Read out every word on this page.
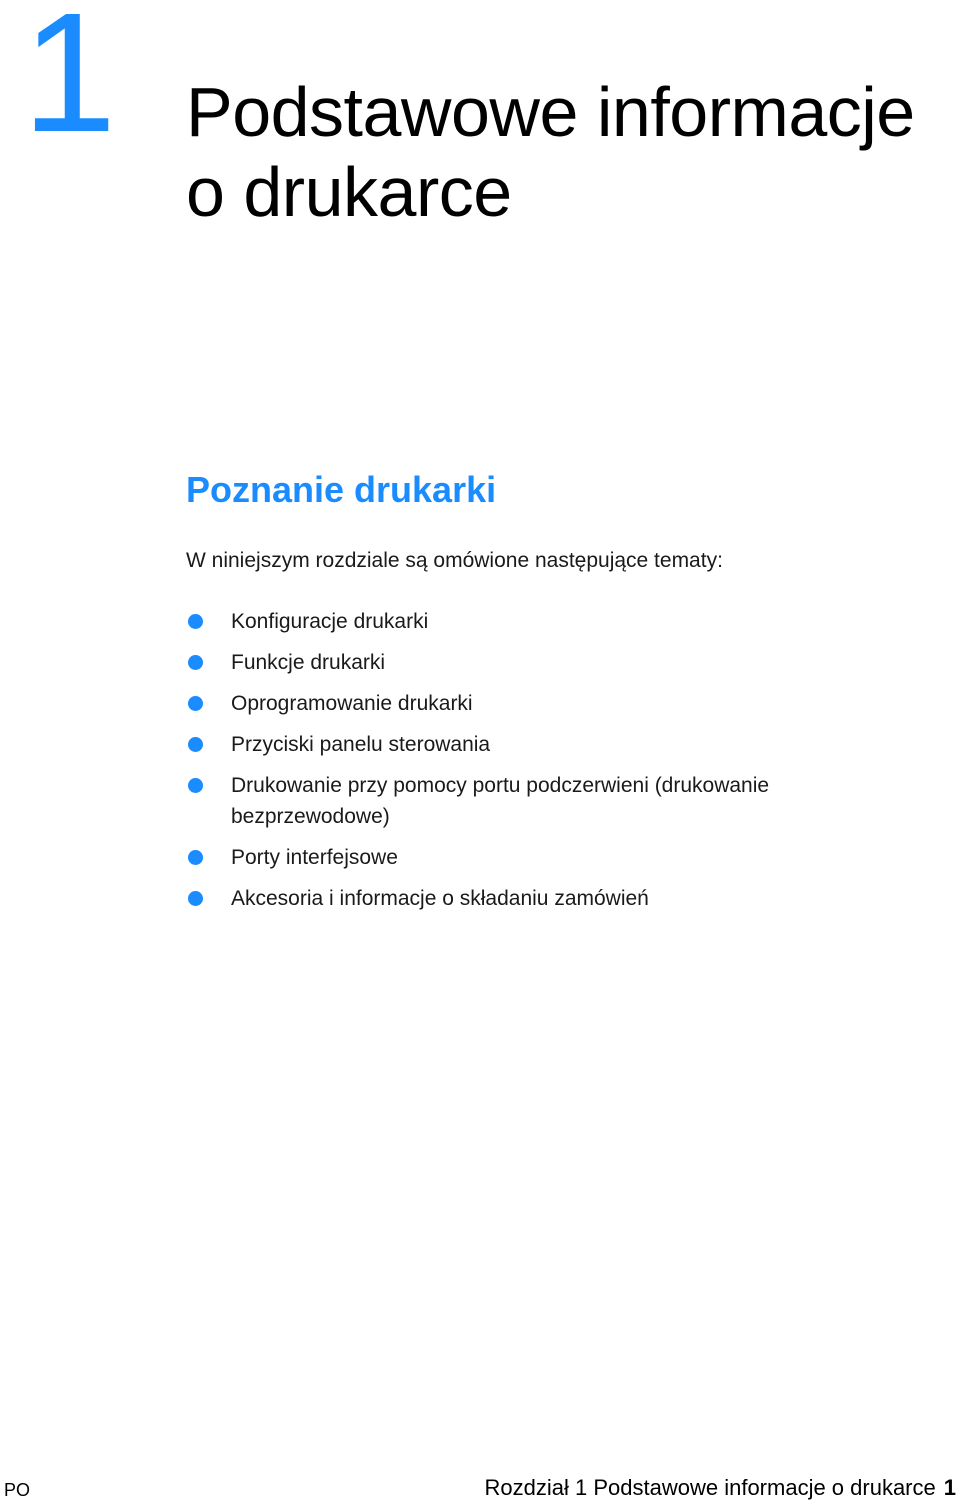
1 Podstawowe informacje o drukarce
Poznanie drukarki

W niniejszym rozdziale są omówione następujące tematy:

Konfiguracje drukarki
Funkcje drukarki
Oprogramowanie drukarki
Przyciski panelu sterowania
Drukowanie przy pomocy portu podczerwieni (drukowanie bezprzewodowe)
Porty interfejsowe
Akcesoria i informacje o składaniu zamówień
PO	Rozdział 1 Podstawowe informacje o drukarce 1
